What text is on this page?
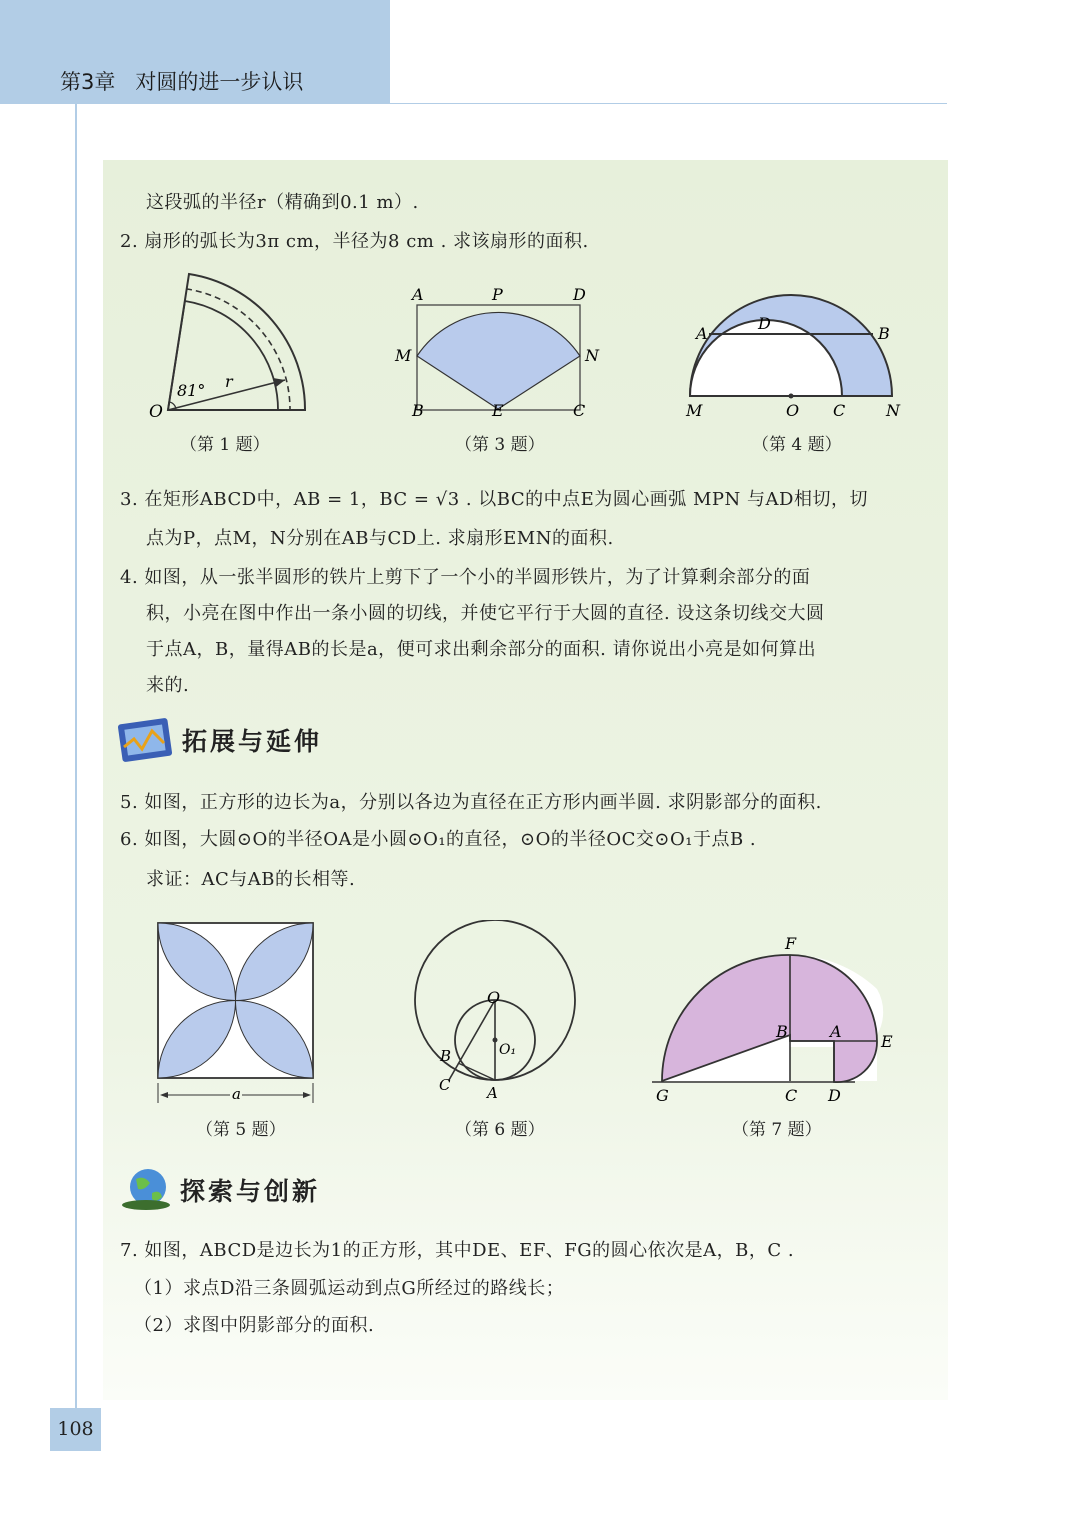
第3章   对圆的进一步认识
这段弧的半径r（精确到0.1 m）.
2. 扇形的弧长为3π cm，半径为8 cm . 求该扇形的面积.
81° r
O
A	P	D
M	N
B	E	C
A
D
B
M	O C	N
（第 1 题）	（第 3 题）	（第 4 题）
3. 在矩形ABCD中，AB = 1，BC = √3 . 以BC的中点E为圆心画弧 MPN 与AD相切，切
点为P，点M，N分别在AB与CD上. 求扇形EMN的面积.
4. 如图，从一张半圆形的铁片上剪下了一个小的半圆形铁片，为了计算剩余部分的面
积，小亮在图中作出一条小圆的切线，并使它平行于大圆的直径. 设这条切线交大圆
于点A，B，量得AB的长是a，便可求出剩余部分的面积. 请你说出小亮是如何算出
来的.
拓展与延伸
5. 如图，正方形的边长为a，分别以各边为直径在正方形内画半圆. 求阴影部分的面积.
6. 如图，大圆⊙O的半径OA是小圆⊙O₁的直径，⊙O的半径OC交⊙O₁于点B .
求证：AC与AB的长相等.
a
O
O₁
B
C A
F
B	A
E
G	C D
（第 5 题）	（第 6 题）	（第 7 题）
探索与创新
7. 如图，ABCD是边长为1的正方形，其中DE、EF、FG的圆心依次是A，B，C .
（1）求点D沿三条圆弧运动到点G所经过的路线长；
（2）求图中阴影部分的面积.
108
